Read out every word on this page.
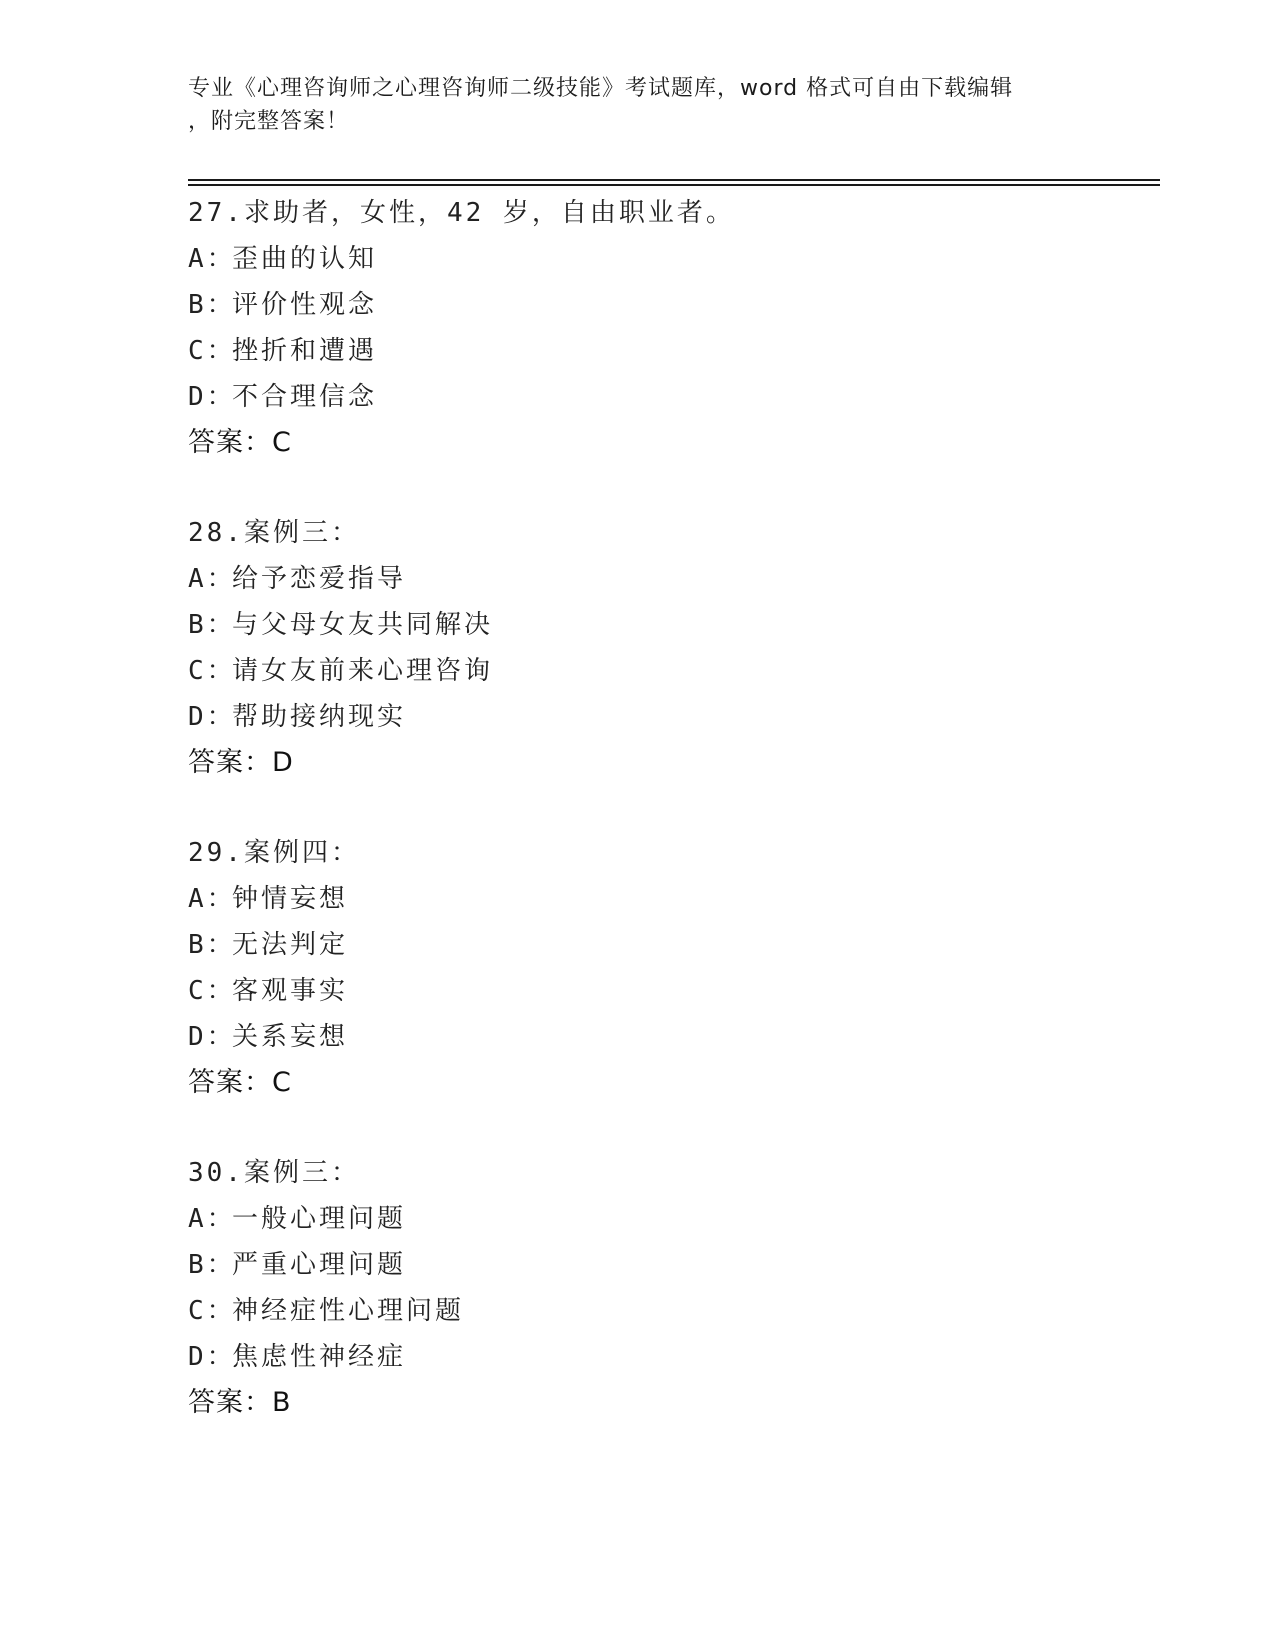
专业《心理咨询师之心理咨询师二级技能》考试题库，word 格式可自由下载编辑
，附完整答案！
27.求助者，女性，42 岁，自由职业者。
A：歪曲的认知
B：评价性观念
C：挫折和遭遇
D：不合理信念
答案：C
28.案例三：
A：给予恋爱指导
B：与父母女友共同解决
C：请女友前来心理咨询
D：帮助接纳现实
答案：D
29.案例四：
A：钟情妄想
B：无法判定
C：客观事实
D：关系妄想
答案：C
30.案例三：
A：一般心理问题
B：严重心理问题
C：神经症性心理问题
D：焦虑性神经症
答案：B
